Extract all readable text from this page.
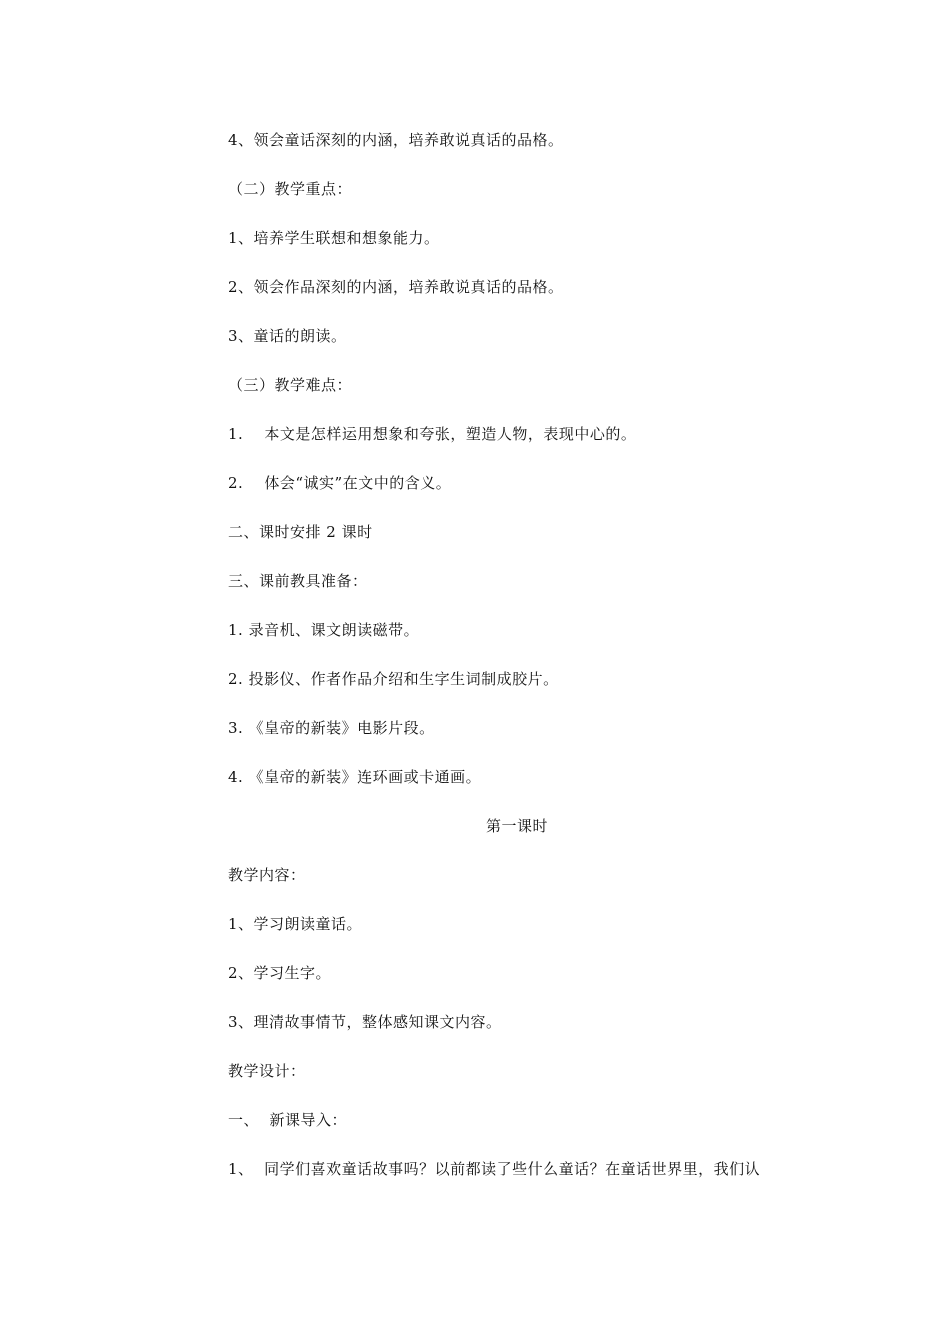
4、领会童话深刻的内涵，培养敢说真话的品格。
（二）教学重点：
1、培养学生联想和想象能力。
2、领会作品深刻的内涵，培养敢说真话的品格。
3、童话的朗读。
（三）教学难点：
1.    本文是怎样运用想象和夸张，塑造人物，表现中心的。
2.    体会“诚实”在文中的含义。
二、课时安排 2 课时
三、课前教具准备：
1. 录音机、课文朗读磁带。
2. 投影仪、作者作品介绍和生字生词制成胶片。
3. 《皇帝的新装》电影片段。
4. 《皇帝的新装》连环画或卡通画。
第一课时
教学内容：
1、学习朗读童话。
2、学习生字。
3、理清故事情节，整体感知课文内容。
教学设计：
一、  新课导入：
1、  同学们喜欢童话故事吗？以前都读了些什么童话？在童话世界里，我们认
